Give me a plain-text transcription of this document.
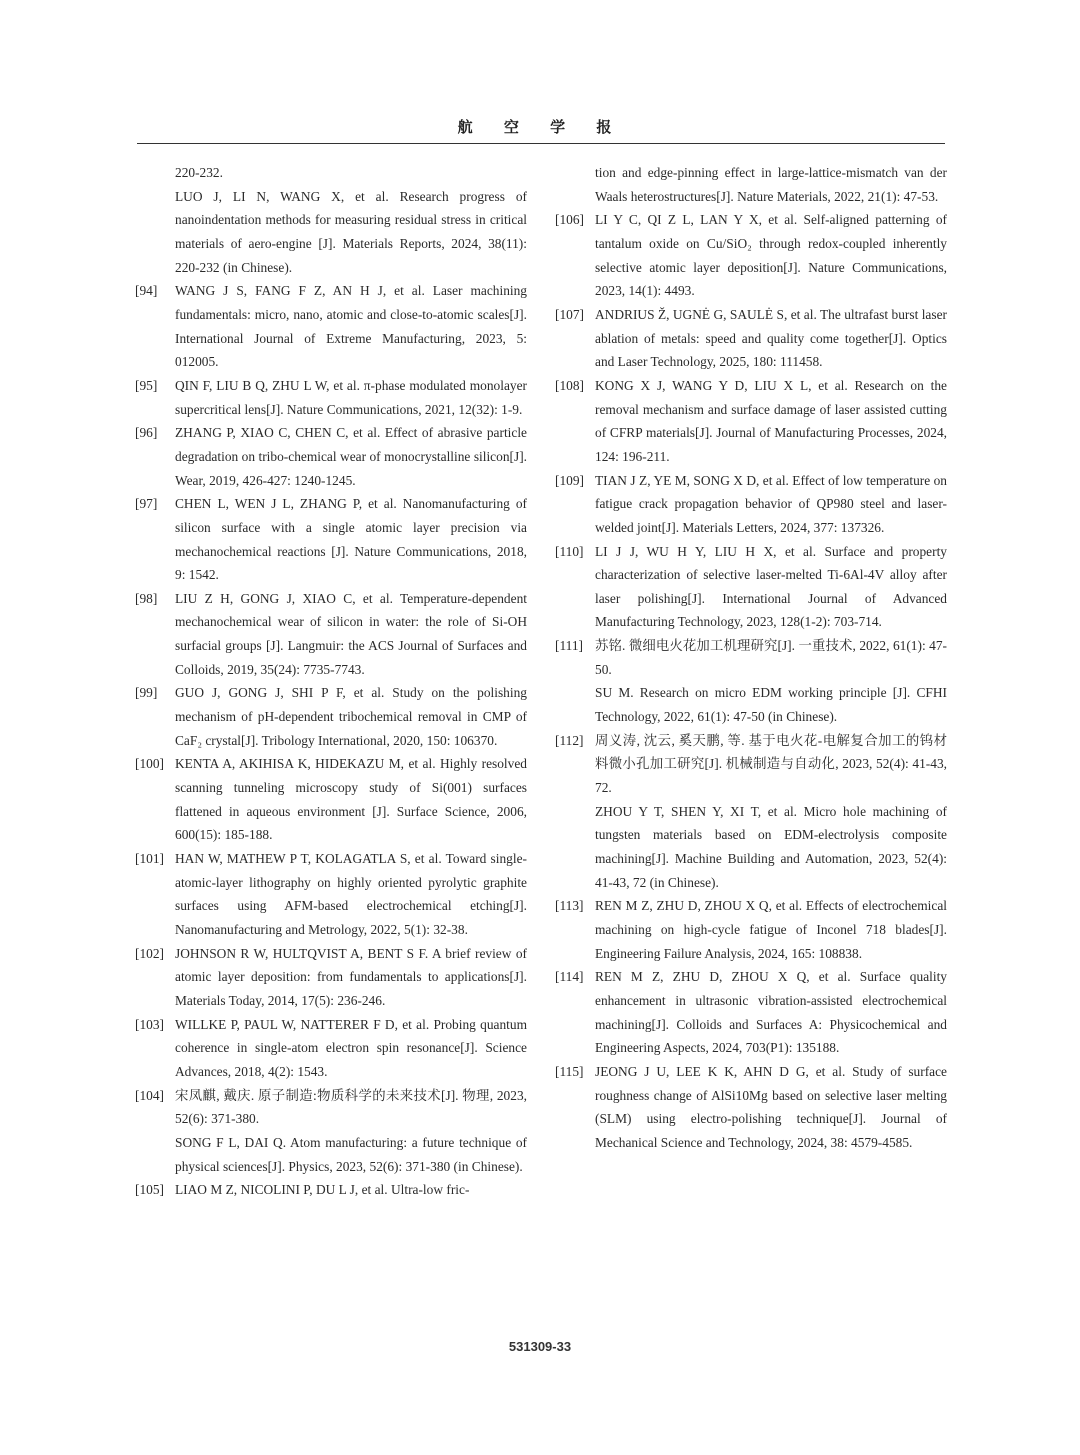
航 空 学 报
220-232.
LUO J, LI N, WANG X, et al. Research progress of nanoindentation methods for measuring residual stress in critical materials of aero-engine [J]. Materials Reports, 2024, 38(11): 220-232 (in Chinese).
[94] WANG J S, FANG F Z, AN H J, et al. Laser machining fundamentals: micro, nano, atomic and close-to-atomic scales[J]. International Journal of Extreme Manufacturing, 2023, 5: 012005.
[95] QIN F, LIU B Q, ZHU L W, et al. π-phase modulated monolayer supercritical lens[J]. Nature Communications, 2021, 12(32): 1-9.
[96] ZHANG P, XIAO C, CHEN C, et al. Effect of abrasive particle degradation on tribo-chemical wear of monocrystalline silicon[J]. Wear, 2019, 426-427: 1240-1245.
[97] CHEN L, WEN J L, ZHANG P, et al. Nanomanufacturing of silicon surface with a single atomic layer precision via mechanochemical reactions [J]. Nature Communications, 2018, 9: 1542.
[98] LIU Z H, GONG J, XIAO C, et al. Temperature-dependent mechanochemical wear of silicon in water: the role of Si-OH surfacial groups [J]. Langmuir: the ACS Journal of Surfaces and Colloids, 2019, 35(24): 7735-7743.
[99] GUO J, GONG J, SHI P F, et al. Study on the polishing mechanism of pH-dependent tribochemical removal in CMP of CaF₂ crystal[J]. Tribology International, 2020, 150: 106370.
[100] KENTA A, AKIHISA K, HIDEKAZU M, et al. Highly resolved scanning tunneling microscopy study of Si(001) surfaces flattened in aqueous environment [J]. Surface Science, 2006, 600(15): 185-188.
[101] HAN W, MATHEW P T, KOLAGATLA S, et al. Toward single-atomic-layer lithography on highly oriented pyrolytic graphite surfaces using AFM-based electrochemical etching[J]. Nanomanufacturing and Metrology, 2022, 5(1): 32-38.
[102] JOHNSON R W, HULTQVIST A, BENT S F. A brief review of atomic layer deposition: from fundamentals to applications[J]. Materials Today, 2014, 17(5): 236-246.
[103] WILLKE P, PAUL W, NATTERER F D, et al. Probing quantum coherence in single-atom electron spin resonance[J]. Science Advances, 2018, 4(2): 1543.
[104] 宋凤麒, 戴庆. 原子制造:物质科学的未来技术[J]. 物理, 2023, 52(6): 371-380.
SONG F L, DAI Q. Atom manufacturing: a future technique of physical sciences[J]. Physics, 2023, 52(6): 371-380 (in Chinese).
[105] LIAO M Z, NICOLINI P, DU L J, et al. Ultra-low fric-
tion and edge-pinning effect in large-lattice-mismatch van der Waals heterostructures[J]. Nature Materials, 2022, 21(1): 47-53.
[106] LI Y C, QI Z L, LAN Y X, et al. Self-aligned patterning of tantalum oxide on Cu/SiO₂ through redox-coupled inherently selective atomic layer deposition[J]. Nature Communications, 2023, 14(1): 4493.
[107] ANDRIUS Ž, UGNĖ G, SAULĖ S, et al. The ultrafast burst laser ablation of metals: speed and quality come together[J]. Optics and Laser Technology, 2025, 180: 111458.
[108] KONG X J, WANG Y D, LIU X L, et al. Research on the removal mechanism and surface damage of laser assisted cutting of CFRP materials[J]. Journal of Manufacturing Processes, 2024, 124: 196-211.
[109] TIAN J Z, YE M, SONG X D, et al. Effect of low temperature on fatigue crack propagation behavior of QP980 steel and laser-welded joint[J]. Materials Letters, 2024, 377: 137326.
[110] LI J J, WU H Y, LIU H X, et al. Surface and property characterization of selective laser-melted Ti-6Al-4V alloy after laser polishing[J]. International Journal of Advanced Manufacturing Technology, 2023, 128(1-2): 703-714.
[111] 苏铭. 微细电火花加工机理研究[J]. 一重技术, 2022, 61(1): 47-50.
SU M. Research on micro EDM working principle [J]. CFHI Technology, 2022, 61(1): 47-50 (in Chinese).
[112] 周义涛, 沈云, 奚天鹏, 等. 基于电火花-电解复合加工的钨材料微小孔加工研究[J]. 机械制造与自动化, 2023, 52(4): 41-43, 72.
ZHOU Y T, SHEN Y, XI T, et al. Micro hole machining of tungsten materials based on EDM-electrolysis composite machining[J]. Machine Building and Automation, 2023, 52(4): 41-43, 72 (in Chinese).
[113] REN M Z, ZHU D, ZHOU X Q, et al. Effects of electrochemical machining on high-cycle fatigue of Inconel 718 blades[J]. Engineering Failure Analysis, 2024, 165: 108838.
[114] REN M Z, ZHU D, ZHOU X Q, et al. Surface quality enhancement in ultrasonic vibration-assisted electrochemical machining[J]. Colloids and Surfaces A: Physicochemical and Engineering Aspects, 2024, 703(P1): 135188.
[115] JEONG J U, LEE K K, AHN D G, et al. Study of surface roughness change of AlSi10Mg based on selective laser melting (SLM) using electro-polishing technique[J]. Journal of Mechanical Science and Technology, 2024, 38: 4579-4585.
531309-33
